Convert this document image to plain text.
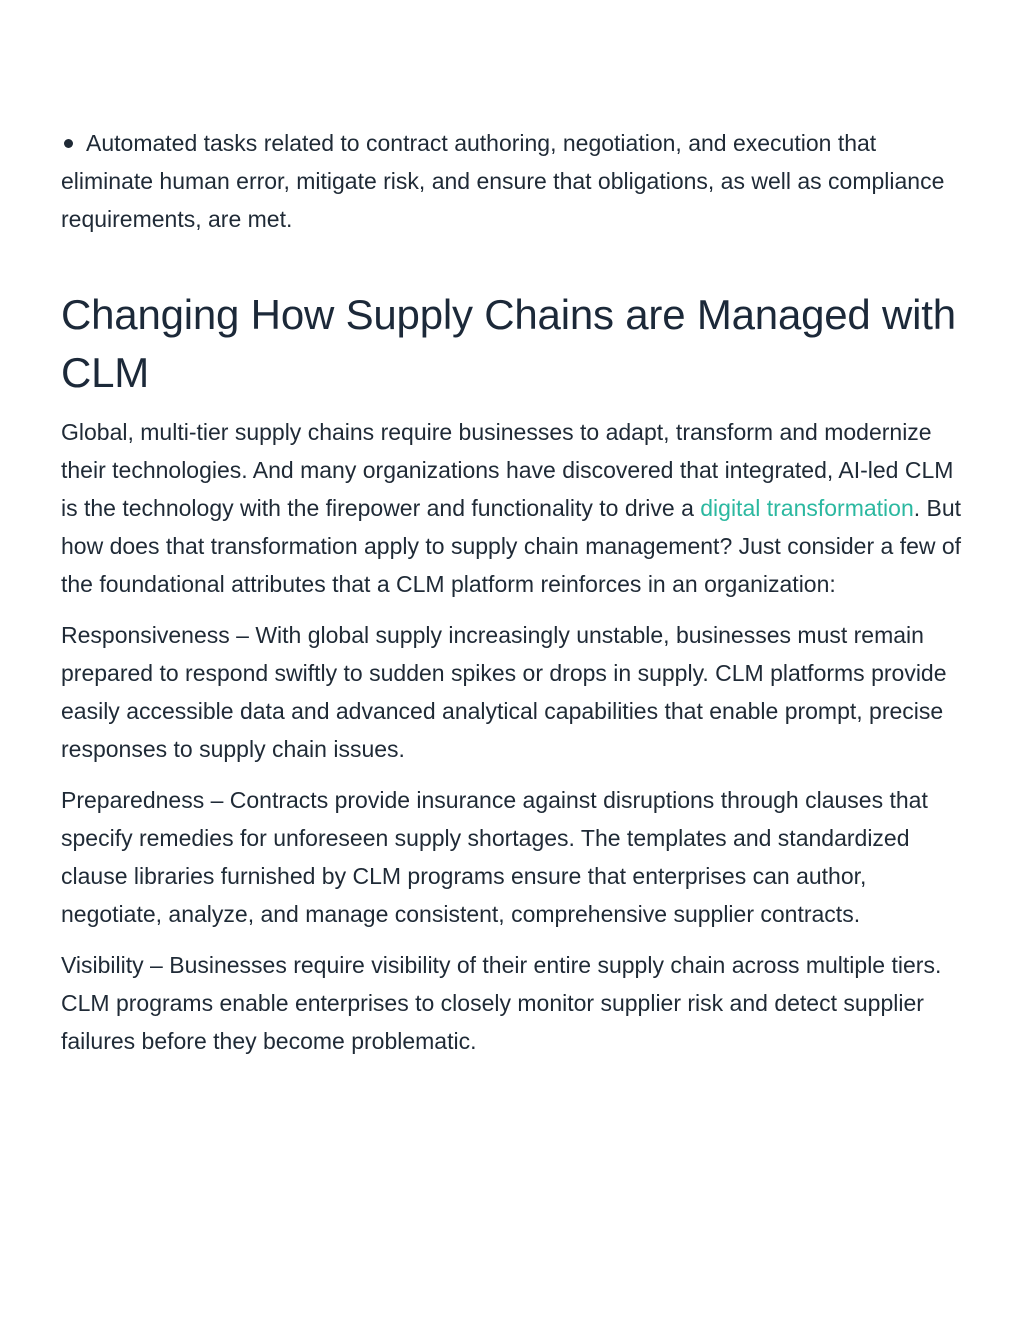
Automated tasks related to contract authoring, negotiation, and execution that eliminate human error, mitigate risk, and ensure that obligations, as well as compliance requirements, are met.

Changing How Supply Chains are Managed with CLM

Global, multi-tier supply chains require businesses to adapt, transform and modernize their technologies. And many organizations have discovered that integrated, AI-led CLM is the technology with the firepower and functionality to drive a digital transformation. But how does that transformation apply to supply chain management? Just consider a few of the foundational attributes that a CLM platform reinforces in an organization:

Responsiveness – With global supply increasingly unstable, businesses must remain prepared to respond swiftly to sudden spikes or drops in supply. CLM platforms provide easily accessible data and advanced analytical capabilities that enable prompt, precise responses to supply chain issues.

Preparedness – Contracts provide insurance against disruptions through clauses that specify remedies for unforeseen supply shortages. The templates and standardized clause libraries furnished by CLM programs ensure that enterprises can author, negotiate, analyze, and manage consistent, comprehensive supplier contracts.

Visibility – Businesses require visibility of their entire supply chain across multiple tiers.
CLM programs enable enterprises to closely monitor supplier risk and detect supplier failures before they become problematic.
